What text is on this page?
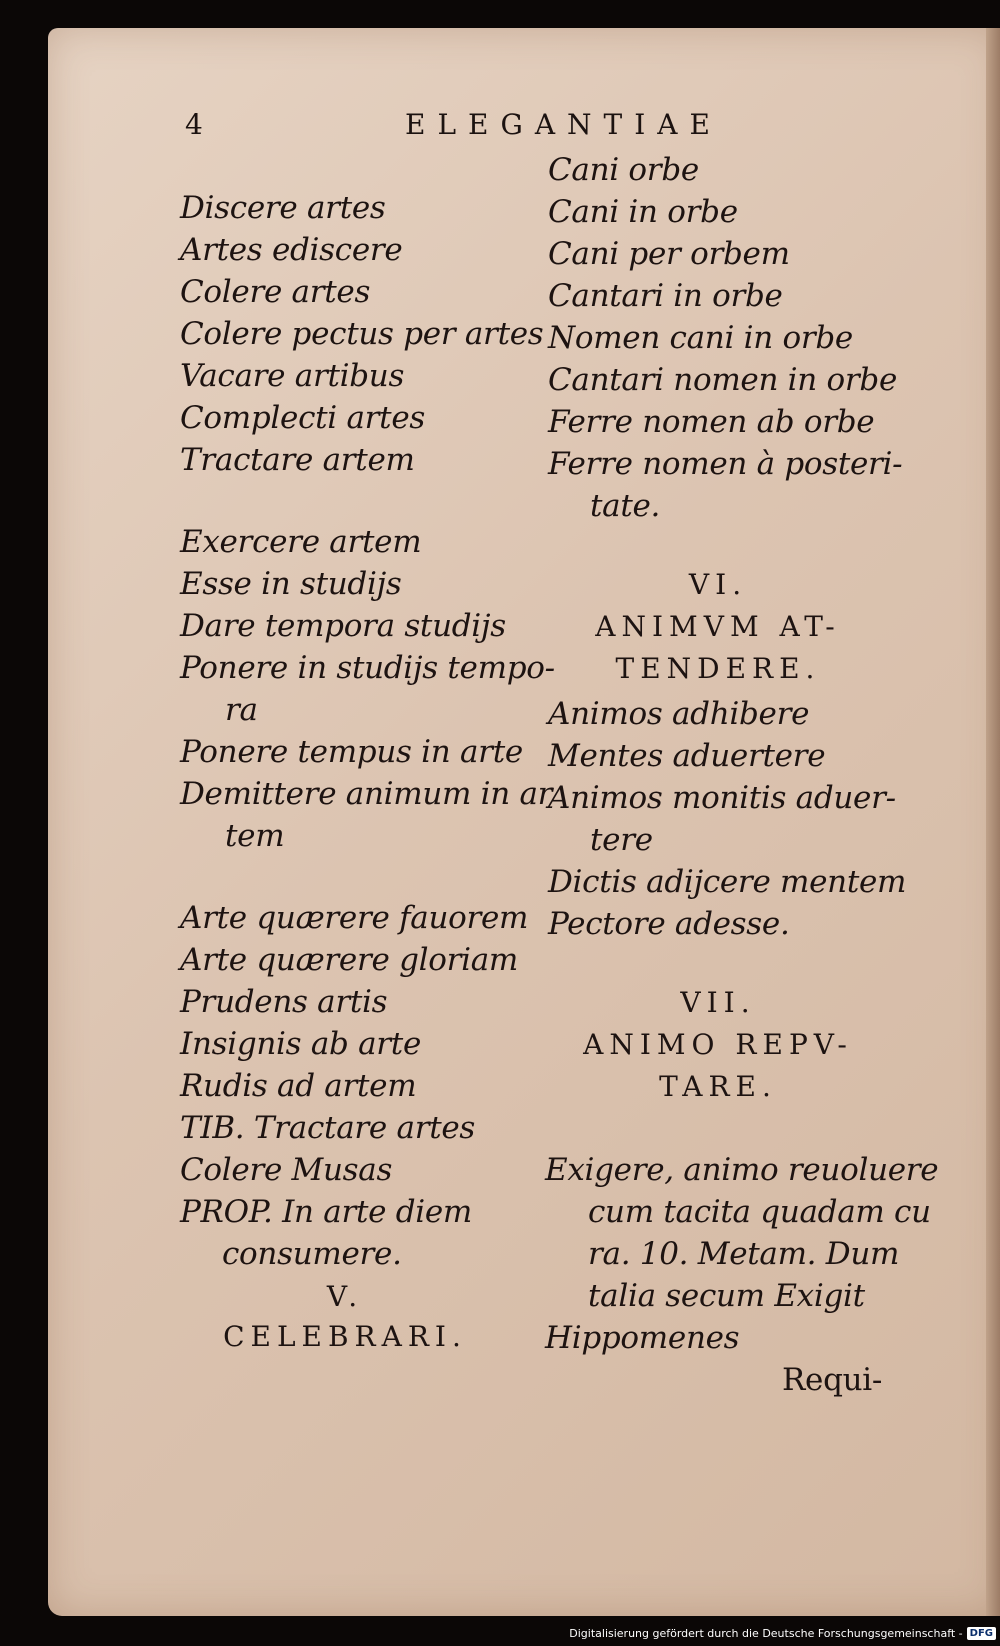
4	ELEGANTIAE
Discere artes
Artes ediscere
Colere artes
Colere pectus per artes
Vacare artibus
Complecti artes
Tractare artem
Exercere artem
Esse in studijs
Dare tempora studijs
Ponere in studijs tempo-
ra
Ponere tempus in arte
Demittere animum in ar
tem
Arte quærere fauorem
Arte quærere gloriam
Prudens artis
Insignis ab arte
Rudis ad artem
TIB. Tractare artes
Colere Musas
PROP. In arte diem
consumere.
V.
CELEBRARI.
Cani orbe
Cani in orbe
Cani per orbem
Cantari in orbe
Nomen cani in orbe
Cantari nomen in orbe
Ferre nomen ab orbe
Ferre nomen à posteri-
tate.
VI.
ANIMVM AT-
TENDERE.
Animos adhibere
Mentes aduertere
Animos monitis aduer-
tere
Dictis adijcere mentem
Pectore adesse.
VII.
ANIMO REPV-
TARE.
Exigere, animo reuoluere
cum tacita quadam cu
ra. 10. Metam. Dum
talia secum Exigit
Hippomenes
Requi-
Digitalisierung gefördert durch die Deutsche Forschungsgemeinschaft - DFG
